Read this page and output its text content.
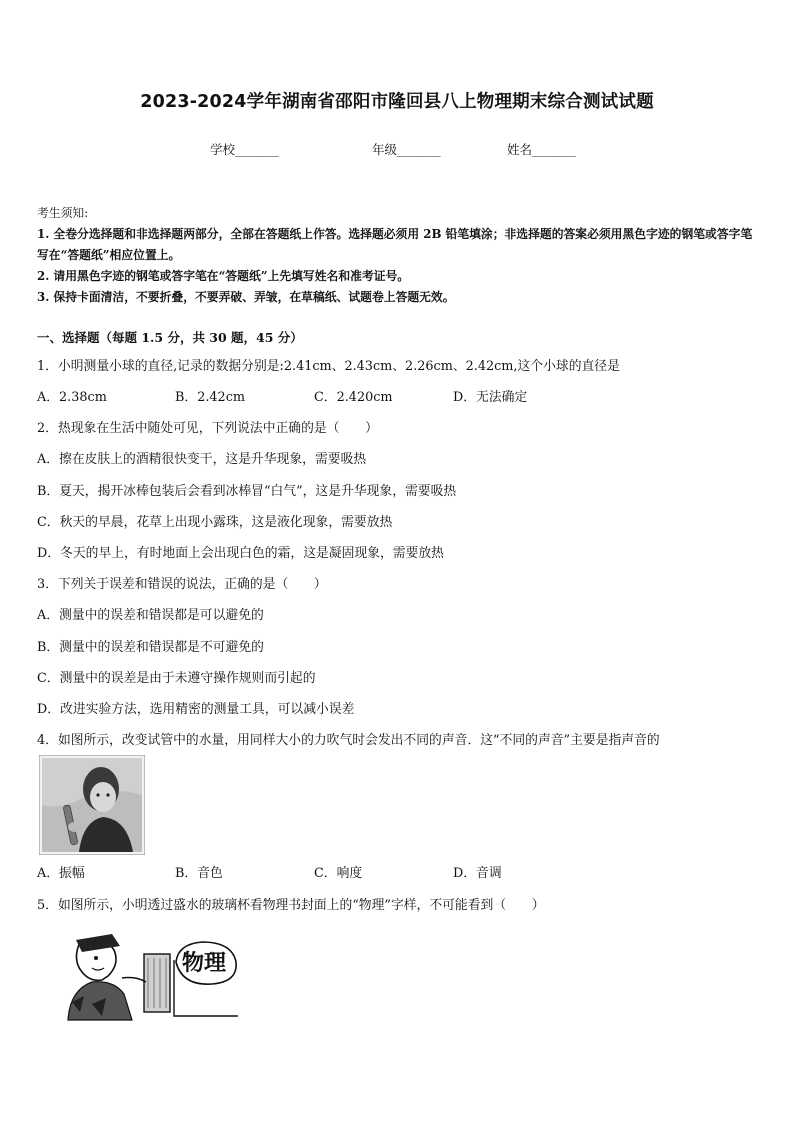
2023-2024学年湖南省邵阳市隆回县八上物理期末综合测试试题
学校_______	年级_______	姓名_______
考生须知:
1. 全卷分选择题和非选择题两部分，全部在答题纸上作答。选择题必须用 2B 铅笔填涂；非选择题的答案必须用黑色字迹的钢笔或答字笔写在“答题纸”相应位置上。
2. 请用黑色字迹的钢笔或答字笔在“答题纸”上先填写姓名和准考证号。
3. 保持卡面清洁，不要折叠，不要弄破、弄皱，在草稿纸、试题卷上答题无效。
一、选择题（每题 1.5 分，共 30 题，45 分）
1．小明测量小球的直径,记录的数据分别是:2.41cm、2.43cm、2.26cm、2.42cm,这个小球的直径是
A．2.38cm	B．2.42cm	C．2.420cm	D．无法确定
2．热现象在生活中随处可见，下列说法中正确的是（　　）
A．擦在皮肤上的酒精很快变干，这是升华现象，需要吸热
B．夏天，揭开冰棒包装后会看到冰棒冒“白气”，这是升华现象，需要吸热
C．秋天的早晨，花草上出现小露珠，这是液化现象，需要放热
D．冬天的早上，有时地面上会出现白色的霜，这是凝固现象，需要放热
3．下列关于误差和错误的说法，正确的是（　　）
A．测量中的误差和错误都是可以避免的
B．测量中的误差和错误都是不可避免的
C．测量中的误差是由于未遵守操作规则而引起的
D．改进实验方法，选用精密的测量工具，可以减小误差
4．如图所示，改变试管中的水量，用同样大小的力吹气时会发出不同的声音．这“不同的声音”主要是指声音的
A．振幅	B．音色	C．响度	D．音调
5．如图所示，小明透过盛水的玻璃杯看物理书封面上的“物理”字样，不可能看到（　　）
物理
